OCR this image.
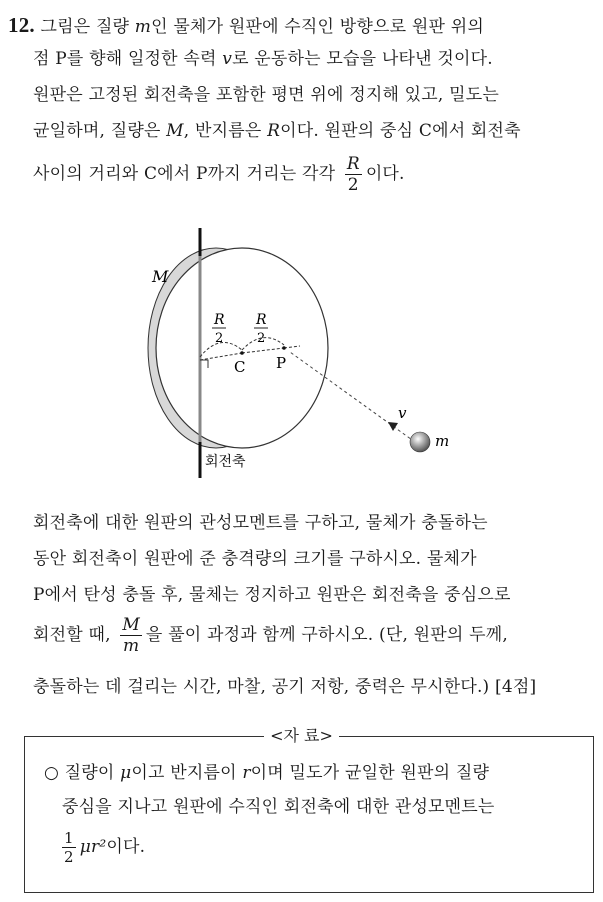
12. 그림은 질량 m인 물체가 원판에 수직인 방향으로 원판 위의
점 P를 향해 일정한 속력 v로 운동하는 모습을 나타낸 것이다.
원판은 고정된 회전축을 포함한 평면 위에 정지해 있고, 밀도는
균일하며, 질량은 M, 반지름은 R이다. 원판의 중심 C에서 회전축
사이의 거리와 C에서 P까지 거리는 각각 $\frac{R}{2}$ 이다.
M
R
2
R
2
C P
v
m
회전축
회전축에 대한 원판의 관성모멘트를 구하고, 물체가 충돌하는
동안 회전축이 원판에 준 충격량의 크기를 구하시오. 물체가
P에서 탄성 충돌 후, 물체는 정지하고 원판은 회전축을 중심으로
회전할 때, $\frac{M}{m}$ 을 풀이 과정과 함께 구하시오. (단, 원판의 두께,
충돌하는 데 걸리는 시간, 마찰, 공기 저항, 중력은 무시한다.) [4점]
<자 료>
○ 질량이 μ이고 반지름이 r이며 밀도가 균일한 원판의 질량
중심을 지나고 원판에 수직인 회전축에 대한 관성모멘트는
$\frac{1}{2} \mu r^2$이다.
